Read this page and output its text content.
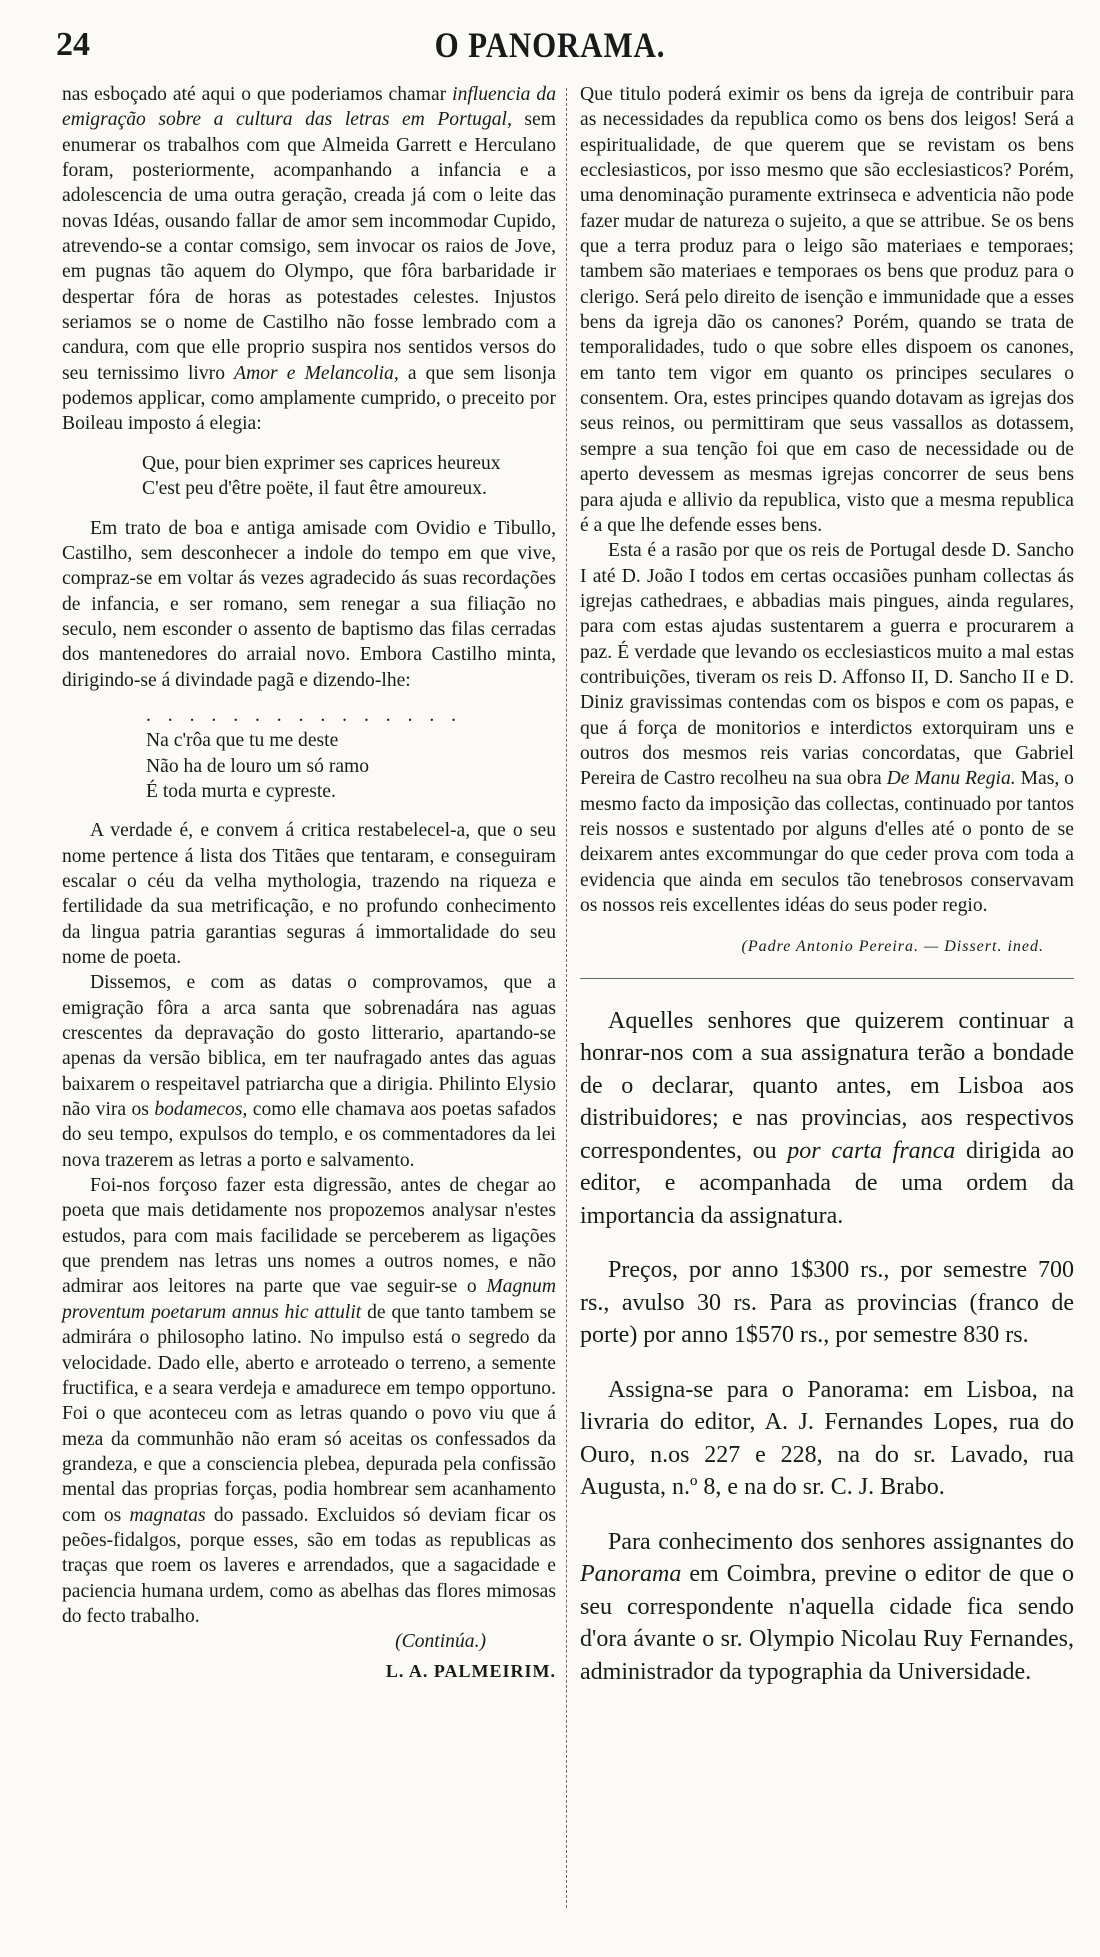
24	O PANORAMA.

nas esboçado até aqui o que poderiamos chamar influencia da emigração sobre a cultura das letras em Portugal, sem enumerar os trabalhos com que Almeida Garrett e Herculano foram, posteriormente, acompanhando a infancia e a adolescencia de uma outra geração, creada já com o leite das novas Idéas, ousando fallar de amor sem incommodar Cupido, atrevendo-se a contar comsigo, sem invocar os raios de Jove, em pugnas tão aquem do Olympo, que fôra barbaridade ir despertar fóra de horas as potestades celestes. Injustos seriamos se o nome de Castilho não fosse lembrado com a candura, com que elle proprio suspira nos sentidos versos do seu ternissimo livro Amor e Melancolia, a que sem lisonja podemos applicar, como amplamente cumprido, o preceito por Boileau imposto á elegia:

Que, pour bien exprimer ses caprices heureux
C'est peu d'être poëte, il faut être amoureux.

Em trato de boa e antiga amisade com Ovidio e Tibullo, Castilho, sem desconhecer a indole do tempo em que vive, compraz-se em voltar ás vezes agradecido ás suas recordações de infancia, e ser romano, sem renegar a sua filiação no seculo, nem esconder o assento de baptismo das filas cerradas dos mantenedores do arraial novo. Embora Castilho minta, dirigindo-se á divindade pagã e dizendo-lhe:

. . . . . . . . . . . . . . .
Na c'rôa que tu me deste
Não ha de louro um só ramo
É toda murta e cypreste.

A verdade é, e convem á critica restabelecel-a, que o seu nome pertence á lista dos Titães que tentaram, e conseguiram escalar o céu da velha mythologia, trazendo na riqueza e fertilidade da sua metrificação, e no profundo conhecimento da lingua patria garantias seguras á immortalidade do seu nome de poeta.

Dissemos, e com as datas o comprovamos, que a emigração fôra a arca santa que sobrenadára nas aguas crescentes da depravação do gosto litterario, apartando-se apenas da versão biblica, em ter naufragado antes das aguas baixarem o respeitavel patriarcha que a dirigia. Philinto Elysio não vira os bodamecos, como elle chamava aos poetas safados do seu tempo, expulsos do templo, e os commentadores da lei nova trazerem as letras a porto e salvamento.

Foi-nos forçoso fazer esta digressão, antes de chegar ao poeta que mais detidamente nos propozemos analysar n'estes estudos, para com mais facilidade se perceberem as ligações que prendem nas letras uns nomes a outros nomes, e não admirar aos leitores na parte que vae seguir-se o Magnum proventum poetarum annus hic attulit de que tanto tambem se admirára o philosopho latino. No impulso está o segredo da velocidade. Dado elle, aberto e arroteado o terreno, a semente fructifica, e a seara verdeja e amadurece em tempo opportuno. Foi o que aconteceu com as letras quando o povo viu que á meza da communhão não eram só aceitas os confessados da grandeza, e que a consciencia plebea, depurada pela confissão mental das proprias forças, podia hombrear sem acanhamento com os magnatas do passado. Excluidos só deviam ficar os peões-fidalgos, porque esses, são em todas as republicas as traças que roem os laveres e arrendados, que a sagacidade e paciencia humana urdem, como as abelhas das flores mimosas do fecto trabalho.

(Continúa.)
L. A. PALMEIRIM.

Que titulo poderá eximir os bens da igreja de contribuir para as necessidades da republica como os bens dos leigos! Será a espiritualidade, de que querem que se revistam os bens ecclesiasticos, por isso mesmo que são ecclesiasticos? Porém, uma denominação puramente extrinseca e adventicia não pode fazer mudar de natureza o sujeito, a que se attribue. Se os bens que a terra produz para o leigo são materiaes e temporaes; tambem são materiaes e temporaes os bens que produz para o clerigo. Será pelo direito de isenção e immunidade que a esses bens da igreja dão os canones? Porém, quando se trata de temporalidades, tudo o que sobre elles dispoem os canones, em tanto tem vigor em quanto os principes seculares o consentem. Ora, estes principes quando dotavam as igrejas dos seus reinos, ou permittiram que seus vassallos as dotassem, sempre a sua tenção foi que em caso de necessidade ou de aperto devessem as mesmas igrejas concorrer de seus bens para ajuda e allivio da republica, visto que a mesma republica é a que lhe defende esses bens.

Esta é a rasão por que os reis de Portugal desde D. Sancho I até D. João I todos em certas occasiões punham collectas ás igrejas cathedraes, e abbadias mais pingues, ainda regulares, para com estas ajudas sustentarem a guerra e procurarem a paz. É verdade que levando os ecclesiasticos muito a mal estas contribuições, tiveram os reis D. Affonso II, D. Sancho II e D. Diniz gravissimas contendas com os bispos e com os papas, e que á força de monitorios e interdictos extorquiram uns e outros dos mesmos reis varias concordatas, que Gabriel Pereira de Castro recolheu na sua obra De Manu Regia. Mas, o mesmo facto da imposição das collectas, continuado por tantos reis nossos e sustentado por alguns d'elles até o ponto de se deixarem antes excommungar do que ceder prova com toda a evidencia que ainda em seculos tão tenebrosos conservavam os nossos reis excellentes idéas do seus poder regio.

(Padre Antonio Pereira. — Dissert. ined.

Aquelles senhores que quizerem continuar a honrar-nos com a sua assignatura terão a bondade de o declarar, quanto antes, em Lisboa aos distribuidores; e nas provincias, aos respectivos correspondentes, ou por carta franca dirigida ao editor, e acompanhada de uma ordem da importancia da assignatura.

Preços, por anno 1$300 rs., por semestre 700 rs., avulso 30 rs. Para as provincias (franco de porte) por anno 1$570 rs., por semestre 830 rs.

Assigna-se para o Panorama: em Lisboa, na livraria do editor, A. J. Fernandes Lopes, rua do Ouro, n.os 227 e 228, na do sr. Lavado, rua Augusta, n.º 8, e na do sr. C. J. Brabo.

Para conhecimento dos senhores assignantes do Panorama em Coimbra, previne o editor de que o seu correspondente n'aquella cidade fica sendo d'ora ávante o sr. Olympio Nicolau Ruy Fernandes, administrador da typographia da Universidade.
